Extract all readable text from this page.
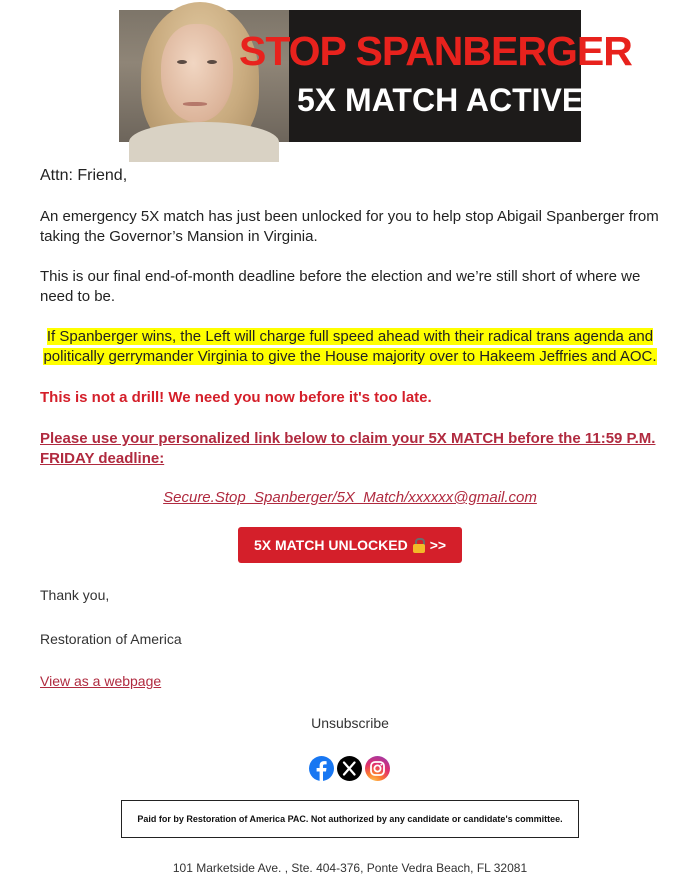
STOP SPANBERGER
5X MATCH ACTIVE

Attn: Friend,

An emergency 5X match has just been unlocked for you to help stop Abigail Spanberger from taking the Governor’s Mansion in Virginia.

This is our final end-of-month deadline before the election and we’re still short of where we need to be.

If Spanberger wins, the Left will charge full speed ahead with their radical trans agenda and politically gerrymander Virginia to give the House majority over to Hakeem Jeffries and AOC.

This is not a drill! We need you now before it's too late.

Please use your personalized link below to claim your 5X MATCH before the 11:59 P.M. FRIDAY deadline:

Secure.Stop_Spanberger/5X_Match/xxxxxx@gmail.com
5X MATCH UNLOCKED >>
Thank you,
Restoration of America
View as a webpage
Unsubscribe
Paid for by Restoration of America PAC. Not authorized by any candidate or candidate's committee.
101 Marketside Ave. , Ste. 404-376, Ponte Vedra Beach, FL 32081
